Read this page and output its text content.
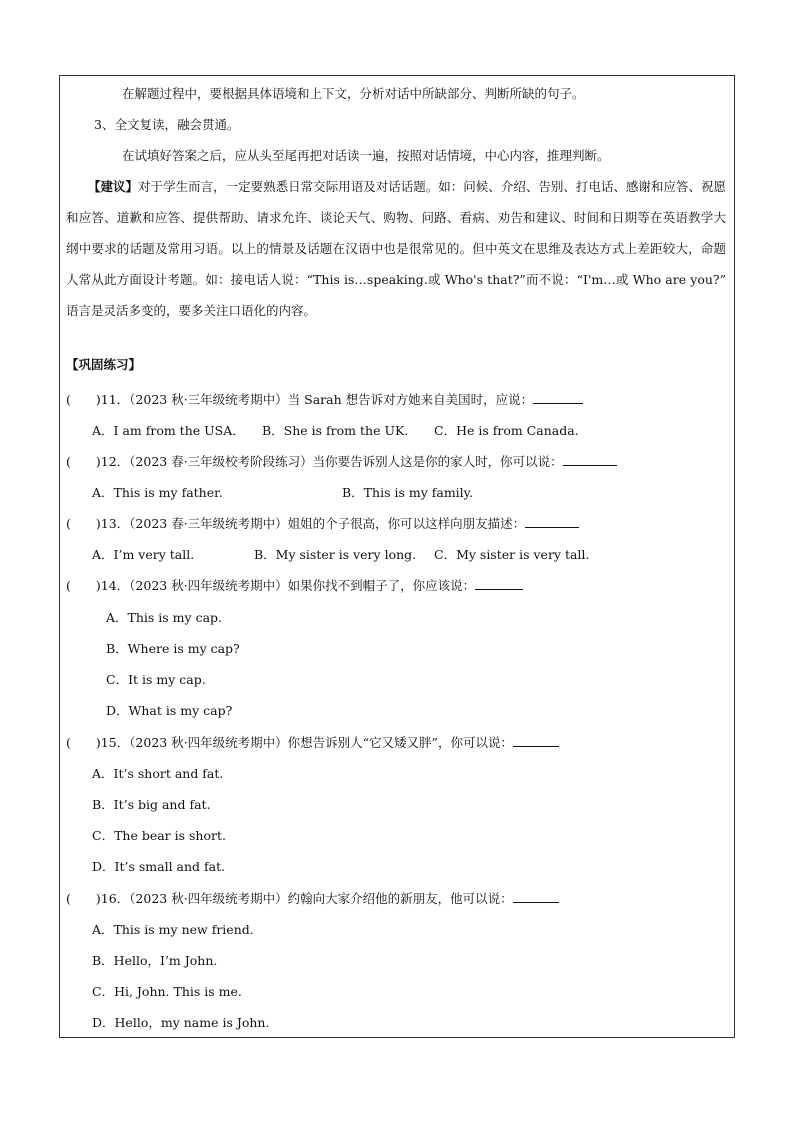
在解题过程中，要根据具体语境和上下文，分析对话中所缺部分、判断所缺的句子。
3、全文复读，融会贯通。
在试填好答案之后，应从头至尾再把对话读一遍，按照对话情境，中心内容，推理判断。
【建议】对于学生而言，一定要熟悉日常交际用语及对话话题。如：问候、介绍、告别、打电话、感谢和应答、祝愿和应答、道歉和应答、提供帮助、请求允许、谈论天气、购物、问路、看病、劝告和建议、时间和日期等在英语教学大纲中要求的话题及常用习语。以上的情景及话题在汉语中也是很常见的。但中英文在思维及表达方式上差距较大，命题人常从此方面设计考题。如：接电话人说：“This is…speaking.或 Who's that?”而不说：“I'm…或 Who are you?” 语言是灵活多变的，要多关注口语化的内容。
【巩固练习】
(　　)11．（2023 秋·三年级统考期中）当 Sarah 想告诉对方她来自美国时，应说：
A．I am from the USA． B．She is from the UK. C．He is from Canada.
(　　)12．（2023 春·三年级校考阶段练习）当你要告诉别人这是你的家人时，你可以说：
A．This is my father.	B．This is my family.
(　　)13．（2023 春·三年级统考期中）姐姐的个子很高，你可以这样向朋友描述：
A．I’m very tall.	B．My sister is very long. C．My sister is very tall.
(　　)14．（2023 秋·四年级统考期中）如果你找不到帽子了，你应该说：
A．This is my cap.
B．Where is my cap?
C．It is my cap.
D．What is my cap?
(　　)15．（2023 秋·四年级统考期中）你想告诉别人“它又矮又胖”，你可以说：
A．It’s short and fat.
B．It’s big and fat.
C．The bear is short.
D．It’s small and fat.
(　　)16．（2023 秋·四年级统考期中）约翰向大家介绍他的新朋友，他可以说：
A．This is my new friend.
B．Hello，I’m John.
C．Hi, John. This is me.
D．Hello，my name is John.
